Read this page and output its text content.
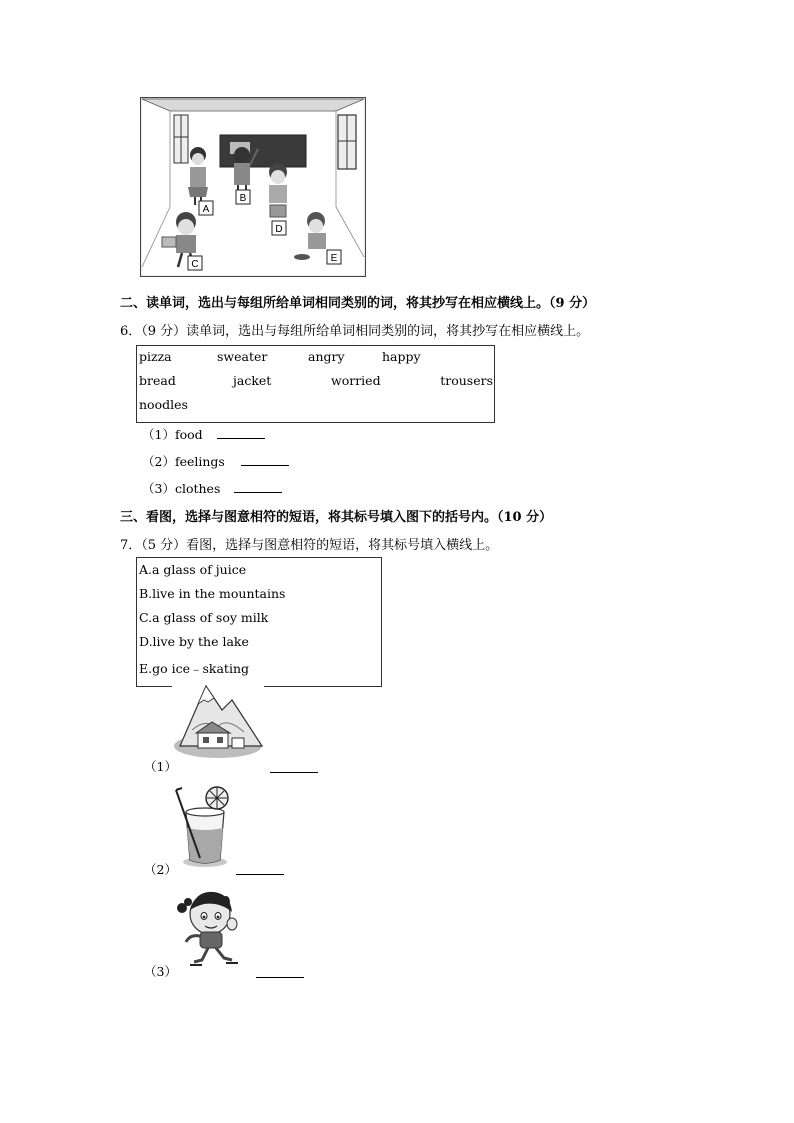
A
B
C
D
E
二、读单词，选出与每组所给单词相同类别的词，将其抄写在相应横线上。（9 分）
6．（9 分）读单词，选出与每组所给单词相同类别的词，将其抄写在相应横线上。
pizza	sweater	angry	happy
bread	jacket	worried	trousers
noodles
（1）food
（2）feelings
（3）clothes
三、看图，选择与图意相符的短语，将其标号填入图下的括号内。（10 分）
7．（5 分）看图，选择与图意相符的短语，将其标号填入横线上。
A.a glass of juice
B.live in the mountains
C.a glass of soy milk
D.live by the lake
E.go ice﹣skating
（1）
（2）
（3）
